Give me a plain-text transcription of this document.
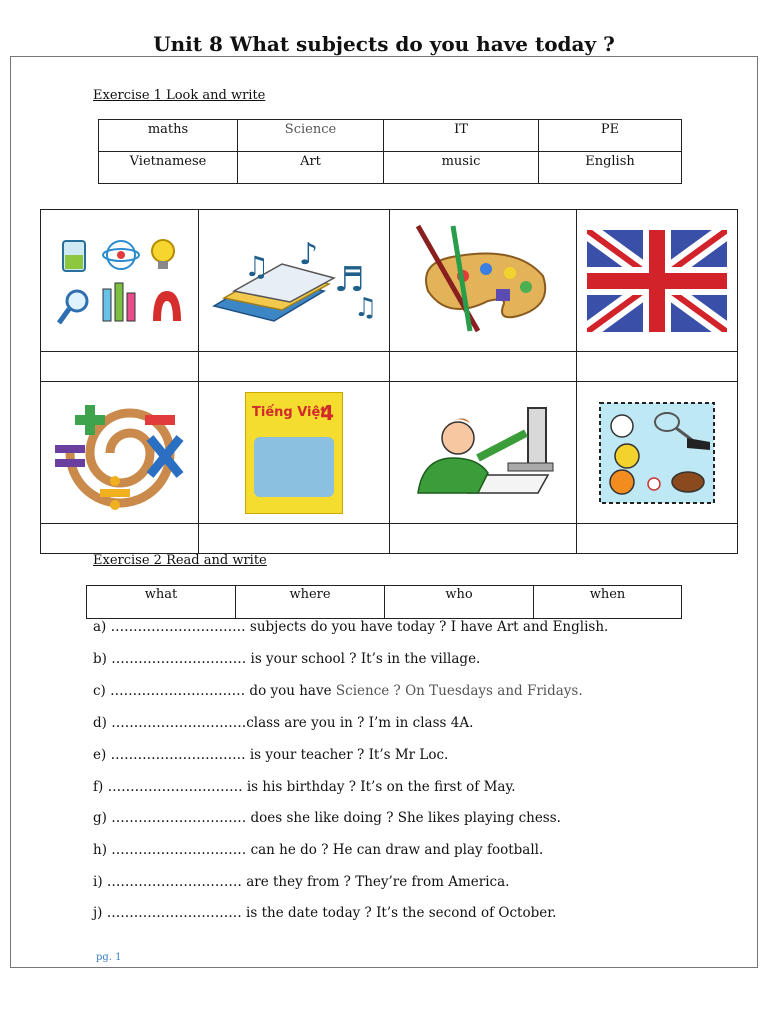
Unit 8 What subjects do you have today ?
Exercise 1 Look and write
maths	Science	IT	PE
Vietnamese	Art	music	English

♫ ♪
♬
♫

Tiếng Việt
4

Exercise 2 Read and write
what	where	who	when
a) ………………………… subjects do you have today ? I have Art and English.
b) ………………………… is your school ? It’s in the village.
c) ………………………… do you have Science ? On Tuesdays and Fridays.
d) …………………………class are you in ? I’m in class 4A.
e) ………………………… is your teacher ? It’s Mr Loc.
f) ………………………… is his birthday ? It’s on the first of May.
g) ………………………… does she like doing ? She likes playing chess.
h) ………………………… can he do ? He can draw and play football.
i) ………………………… are they from ? They’re from America.
j) ………………………… is the date today ? It’s the second of October.
pg. 1
